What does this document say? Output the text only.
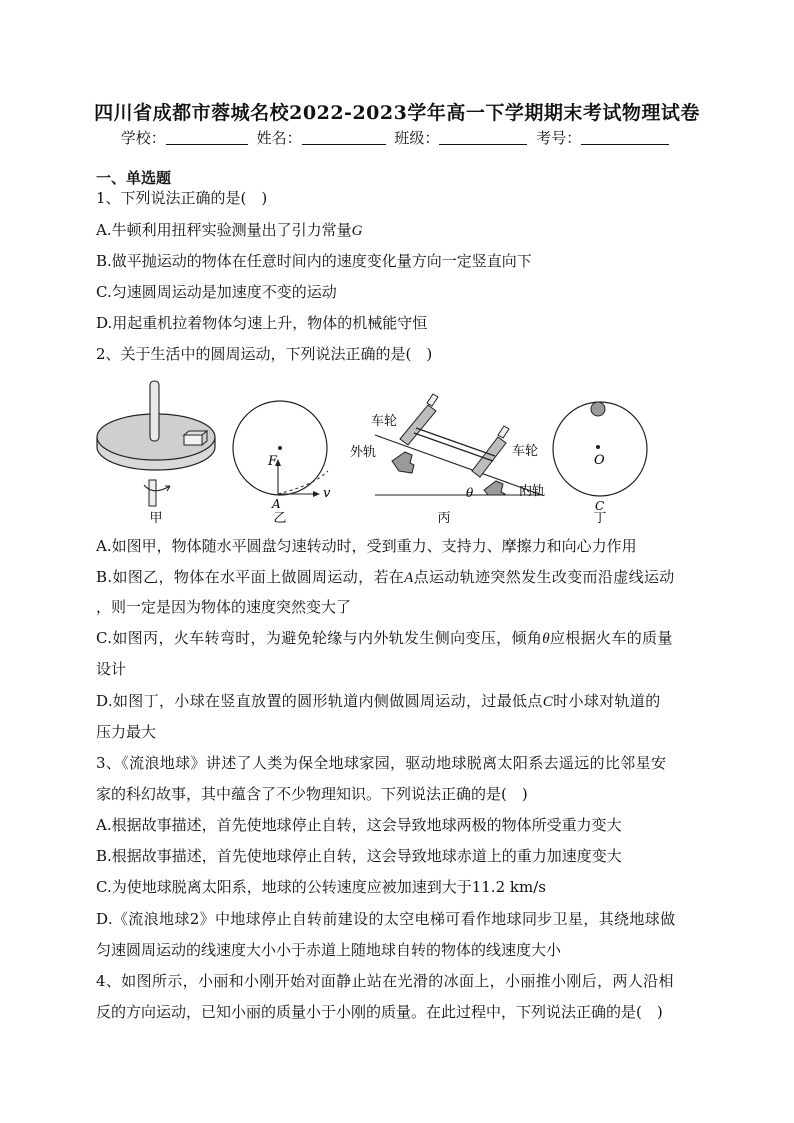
四川省成都市蓉城名校2022-2023学年高一下学期期末考试物理试卷
学校：	姓名：	班级：	考号：
一、单选题
1、下列说法正确的是(　)
A.牛顿利用扭秤实验测量出了引力常量G
B.做平抛运动的物体在任意时间内的速度变化量方向一定竖直向下
C.匀速圆周运动是加速度不变的运动
D.用起重机拉着物体匀速上升，物体的机械能守恒
2、关于生活中的圆周运动，下列说法正确的是(　)
甲
F
A
v
乙
车轮
外轨	车轮
θ	内轨
丙
O
C
丁
A.如图甲，物体随水平圆盘匀速转动时，受到重力、支持力、摩擦力和向心力作用
B.如图乙，物体在水平面上做圆周运动，若在A点运动轨迹突然发生改变而沿虚线运动
，则一定是因为物体的速度突然变大了
C.如图丙，火车转弯时，为避免轮缘与内外轨发生侧向变压，倾角θ应根据火车的质量
设计
D.如图丁，小球在竖直放置的圆形轨道内侧做圆周运动，过最低点C时小球对轨道的
压力最大
3、《流浪地球》讲述了人类为保全地球家园，驱动地球脱离太阳系去遥远的比邻星安
家的科幻故事，其中蕴含了不少物理知识。下列说法正确的是(　)
A.根据故事描述，首先使地球停止自转，这会导致地球两极的物体所受重力变大
B.根据故事描述，首先使地球停止自转，这会导致地球赤道上的重力加速度变大
C.为使地球脱离太阳系，地球的公转速度应被加速到大于11.2 km/s
D.《流浪地球2》中地球停止自转前建设的太空电梯可看作地球同步卫星，其绕地球做
匀速圆周运动的线速度大小小于赤道上随地球自转的物体的线速度大小
4、如图所示，小丽和小刚开始对面静止站在光滑的冰面上，小丽推小刚后，两人沿相
反的方向运动，已知小丽的质量小于小刚的质量。在此过程中，下列说法正确的是(　)
